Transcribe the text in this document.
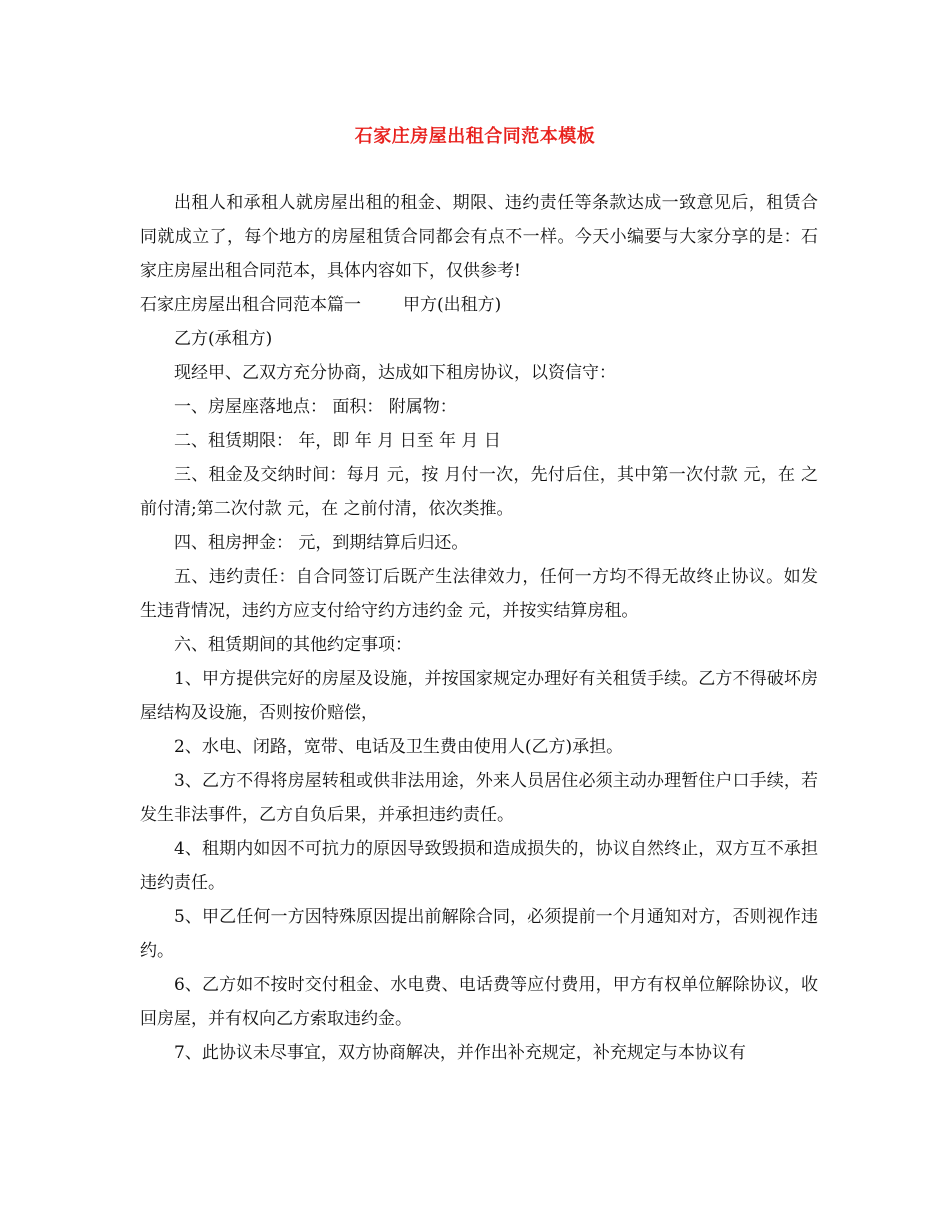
石家庄房屋出租合同范本模板

出租人和承租人就房屋出租的租金、期限、违约责任等条款达成一致意见后，租赁合同就成立了，每个地方的房屋租赁合同都会有点不一样。今天小编要与大家分享的是：石家庄房屋出租合同范本，具体内容如下，仅供参考!

石家庄房屋出租合同范本篇一 甲方(出租方)

乙方(承租方)

现经甲、乙双方充分协商，达成如下租房协议，以资信守：

一、房屋座落地点： 面积： 附属物：

二、租赁期限： 年，即 年 月 日至 年 月 日

三、租金及交纳时间：每月 元，按 月付一次，先付后住，其中第一次付款 元，在 之前付清;第二次付款 元，在 之前付清，依次类推。

四、租房押金： 元，到期结算后归还。

五、违约责任：自合同签订后既产生法律效力，任何一方均不得无故终止协议。如发生违背情况，违约方应支付给守约方违约金 元，并按实结算房租。

六、租赁期间的其他约定事项：

1、甲方提供完好的房屋及设施，并按国家规定办理好有关租赁手续。乙方不得破坏房屋结构及设施，否则按价赔偿，

2、水电、闭路，宽带、电话及卫生费由使用人(乙方)承担。

3、乙方不得将房屋转租或供非法用途，外来人员居住必须主动办理暂住户口手续，若发生非法事件，乙方自负后果，并承担违约责任。

4、租期内如因不可抗力的原因导致毁损和造成损失的，协议自然终止，双方互不承担违约责任。

5、甲乙任何一方因特殊原因提出前解除合同，必须提前一个月通知对方，否则视作违约。

6、乙方如不按时交付租金、水电费、电话费等应付费用，甲方有权单位解除协议，收回房屋，并有权向乙方索取违约金。

7、此协议未尽事宜，双方协商解决，并作出补充规定，补充规定与本协议有
